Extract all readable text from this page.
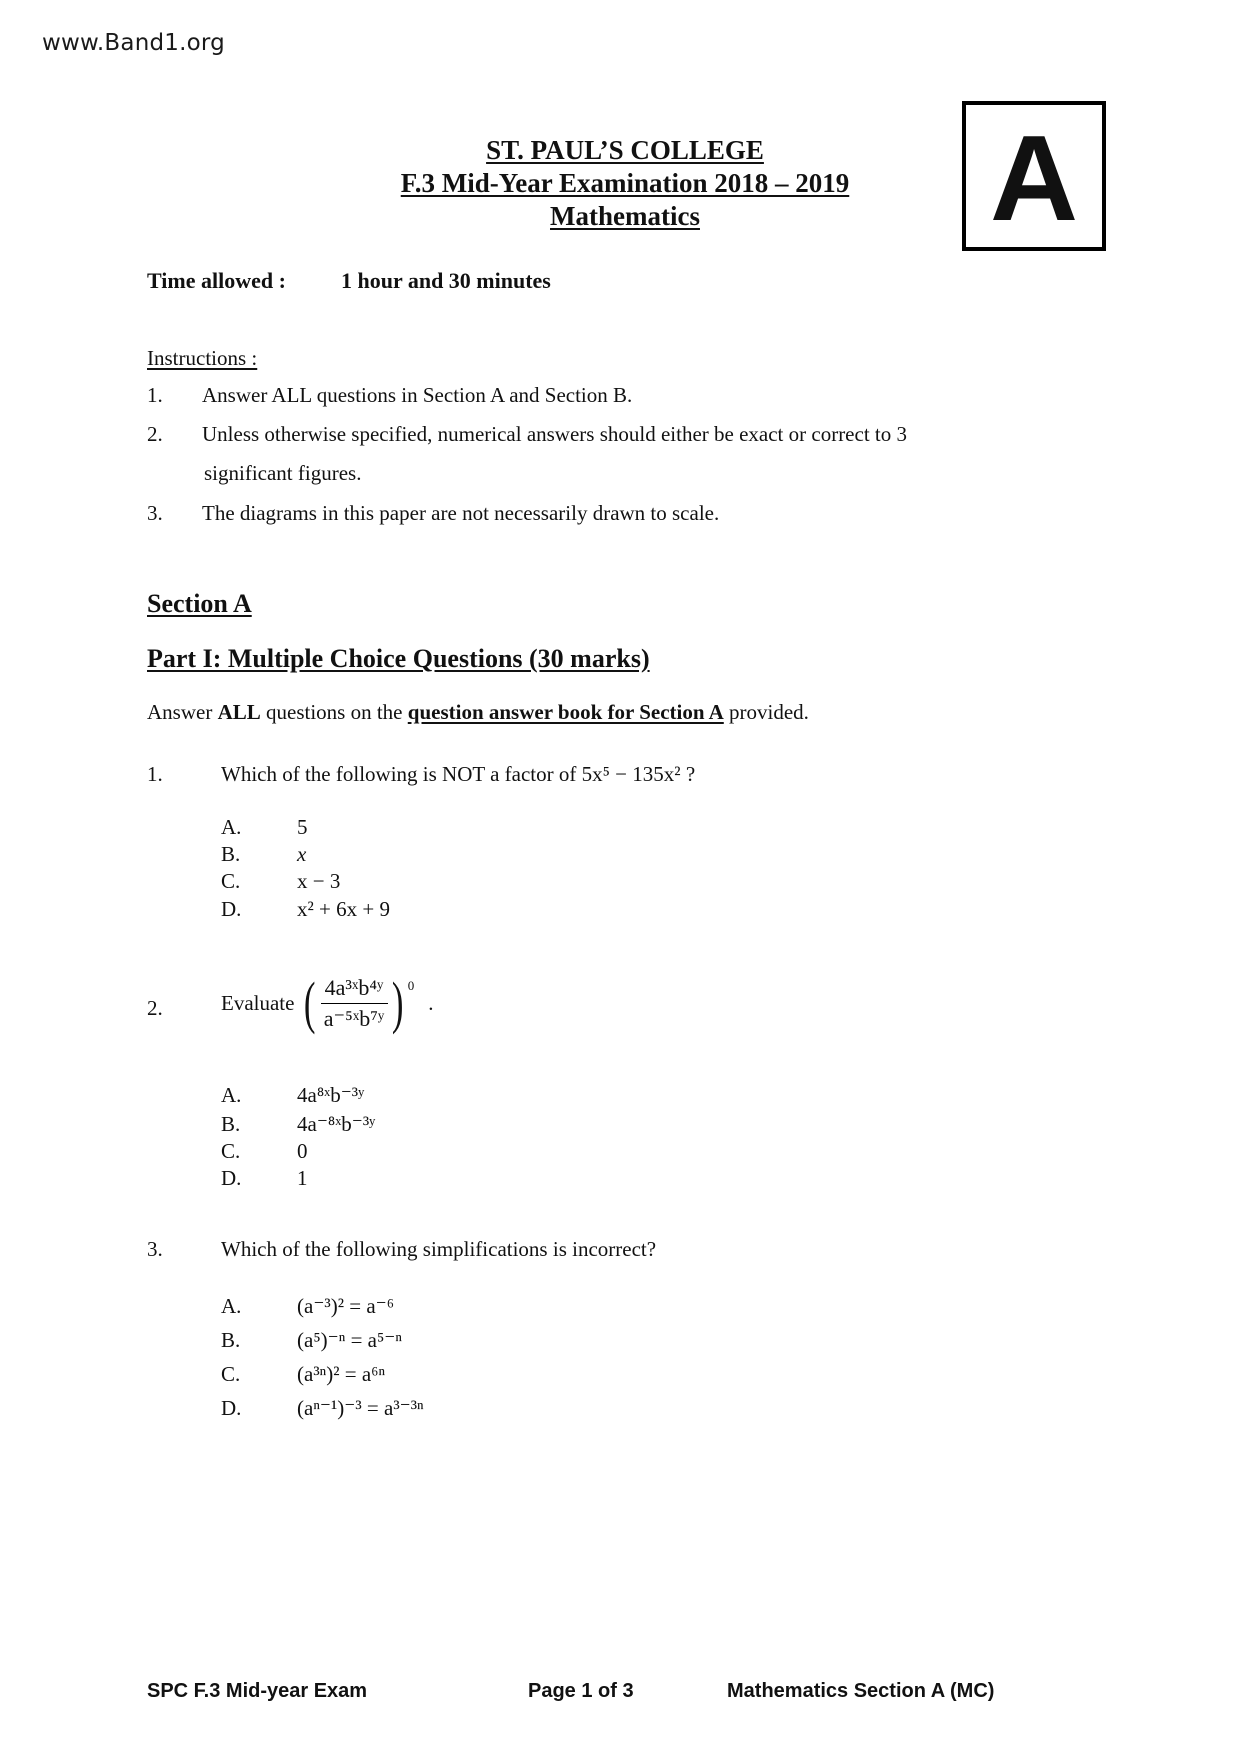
www.Band1.org
ST. PAUL’S COLLEGE
F.3 Mid-Year Examination 2018 – 2019
Mathematics	A
Time allowed :	1 hour and 30 minutes
Instructions :
1. Answer ALL questions in Section A and Section B.
2. Unless otherwise specified, numerical answers should either be exact or correct to 3
significant figures.
3. The diagrams in this paper are not necessarily drawn to scale.
Section A
Part I: Multiple Choice Questions (30 marks)
Answer ALL questions on the question answer book for Section A provided.
1.	Which of the following is NOT a factor of 5x⁵ − 135x² ?
A.	5
B.	x
C.	x − 3
D.	x² + 6x + 9
2.	Evaluate ( $\frac{\text{4a³ˣb⁴ʸ}}{\text{a⁻⁵ˣb⁷ʸ}}$ ) 0
.
A.	4a⁸ˣb⁻³ʸ
B.	4a⁻⁸ˣb⁻³ʸ
C.	0
D.	1
3.	Which of the following simplifications is incorrect?
A.	(a⁻³)² = a⁻⁶
B.	(a⁵)⁻ⁿ = a⁵⁻ⁿ
C.	(a³ⁿ)² = a⁶ⁿ
D.	(aⁿ⁻¹)⁻³ = a³⁻³ⁿ
SPC F.3 Mid-year Exam	Page 1 of 3	Mathematics Section A (MC)
